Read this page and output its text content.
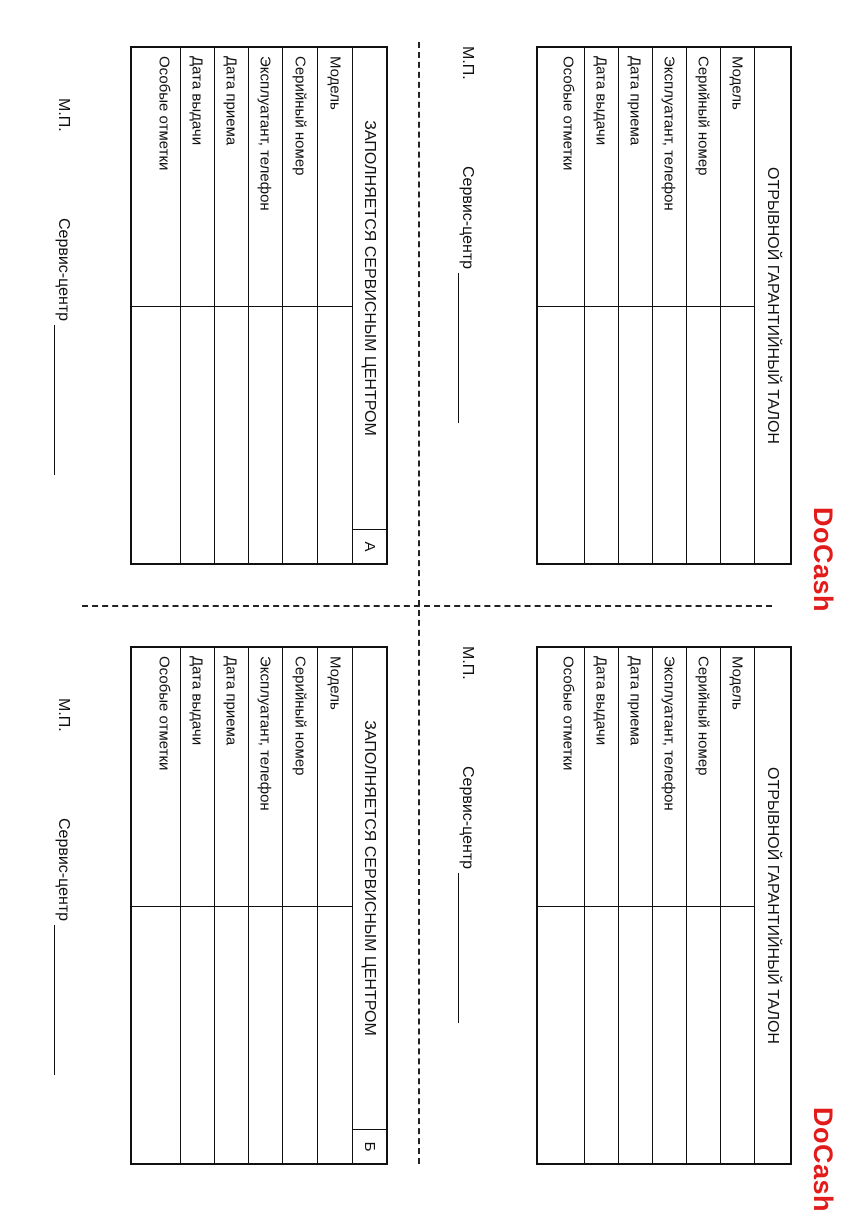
DoCash
ОТРЫВНОЙ ГАРАНТИЙНЫЙ ТАЛОН
Модель
Серийный номер
Эксплуатант, телефон
Дата приема
Дата выдачи
Особые отметки
М.П.
Сервис-центр
ЗАПОЛНЯЕТСЯ СЕРВИСНЫМ ЦЕНТРОМ
А
Модель
Серийный номер
Эксплуатант, телефон
Дата приема
Дата выдачи
Особые отметки
М.П.
Сервис-центр
DoCash
ОТРЫВНОЙ ГАРАНТИЙНЫЙ ТАЛОН
Модель
Серийный номер
Эксплуатант, телефон
Дата приема
Дата выдачи
Особые отметки
М.П.
Сервис-центр
ЗАПОЛНЯЕТСЯ СЕРВИСНЫМ ЦЕНТРОМ
Б
Модель
Серийный номер
Эксплуатант, телефон
Дата приема
Дата выдачи
Особые отметки
М.П.
Сервис-центр
